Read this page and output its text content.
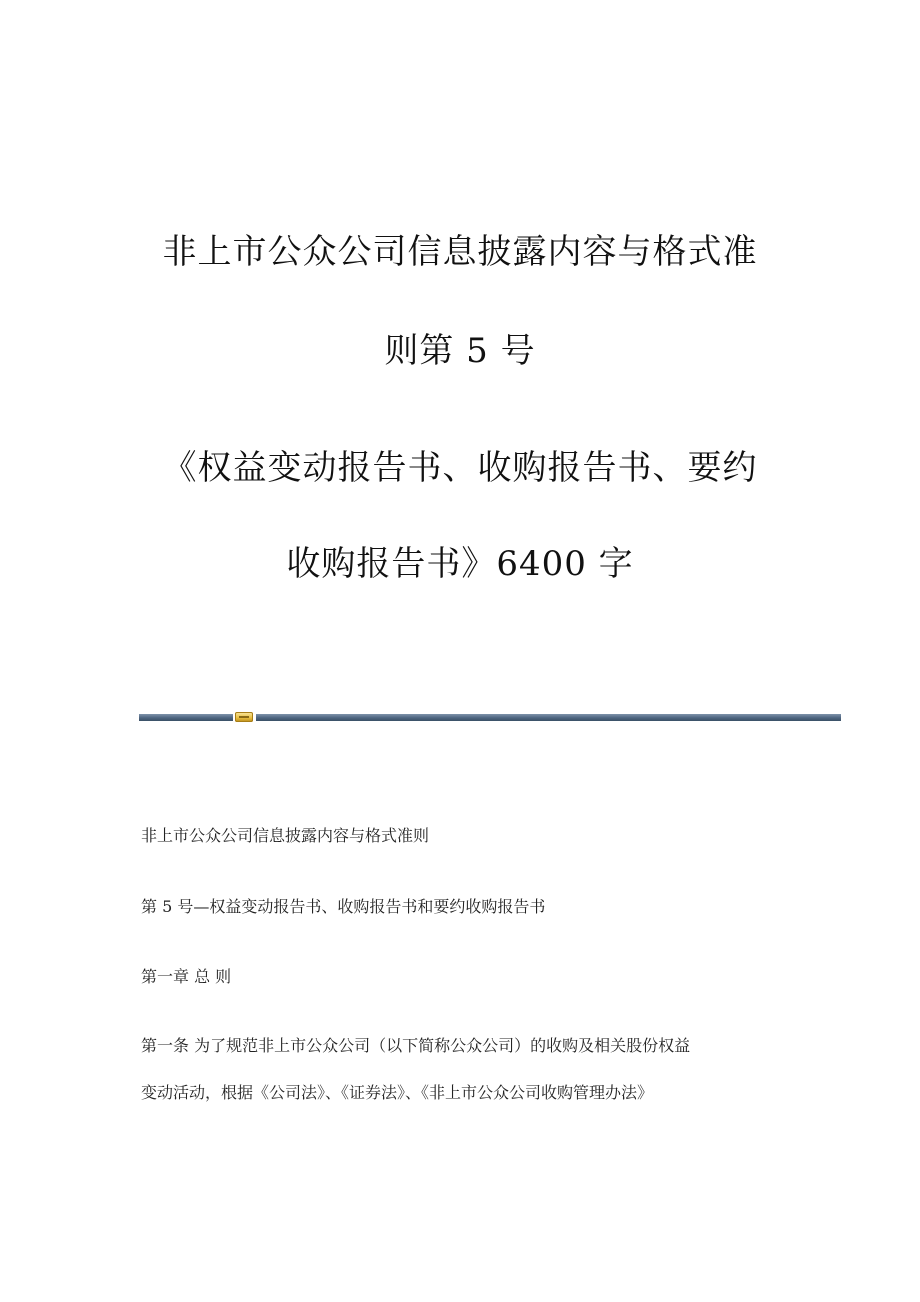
非上市公众公司信息披露内容与格式准
则第 5 号
《权益变动报告书、收购报告书、要约
收购报告书》6400 字
非上市公众公司信息披露内容与格式准则
第 5 号—权益变动报告书、收购报告书和要约收购报告书
第一章 总 则
第一条 为了规范非上市公众公司（以下简称公众公司）的收购及相关股份权益
变动活动，根据《公司法》、《证券法》、《非上市公众公司收购管理办法》
